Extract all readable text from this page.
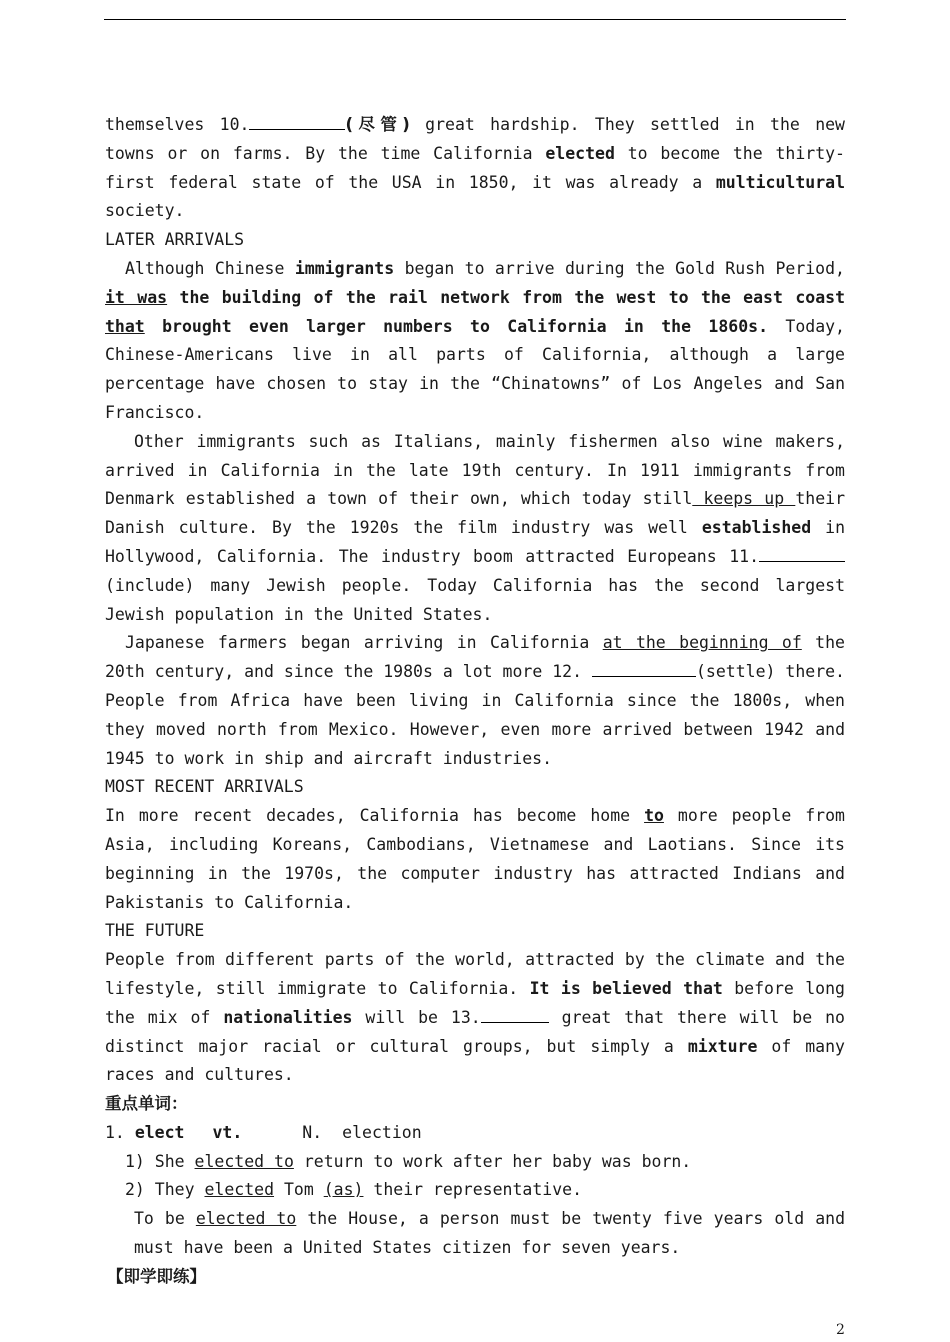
themselves 10.	(尽管) great hardship. They settled in the new towns or on farms. By the time California elected to become the thirty-first federal state of the USA in 1850, it was already a multicultural society.

LATER ARRIVALS

Although Chinese immigrants began to arrive during the Gold Rush Period, it was the building of the rail network from the west to the east coast that brought even larger numbers to California in the 1860s. Today, Chinese-Americans live in all parts of California, although a large percentage have chosen to stay in the “Chinatowns” of Los Angeles and San Francisco.

Other immigrants such as Italians, mainly fishermen also wine makers, arrived in California in the late 19th century. In 1911 immigrants from Denmark established a town of their own, which today still keeps up their Danish culture. By the 1920s the film industry was well established in Hollywood, California. The industry boom attracted Europeans 11. (include) many Jewish people. Today California has the second largest Jewish population in the United States.

Japanese farmers began arriving in California at the beginning of the 20th century, and since the 1980s a lot more 12.	(settle) there. People from Africa have been living in California since the 1800s, when they moved north from Mexico. However, even more arrived between 1942 and 1945 to work in ship and aircraft industries.

MOST RECENT ARRIVALS

In more recent decades, California has become home to more people from Asia, including Koreans, Cambodians, Vietnamese and Laotians. Since its beginning in the 1970s, the computer industry has attracted Indians and Pakistanis to California.

THE FUTURE

People from different parts of the world, attracted by the climate and the lifestyle, still immigrate to California. It is believed that before long the mix of nationalities will be 13.	great that there will be no distinct major racial or cultural groups, but simply a mixture of many races and cultures.

重点单词：

1. elect vt.	N. election

1) She elected to return to work after her baby was born.

2) They elected Tom (as) their representative.

To be elected to the House, a person must be twenty five years old and must have been a United States citizen for seven years.

【即学即练】

2
